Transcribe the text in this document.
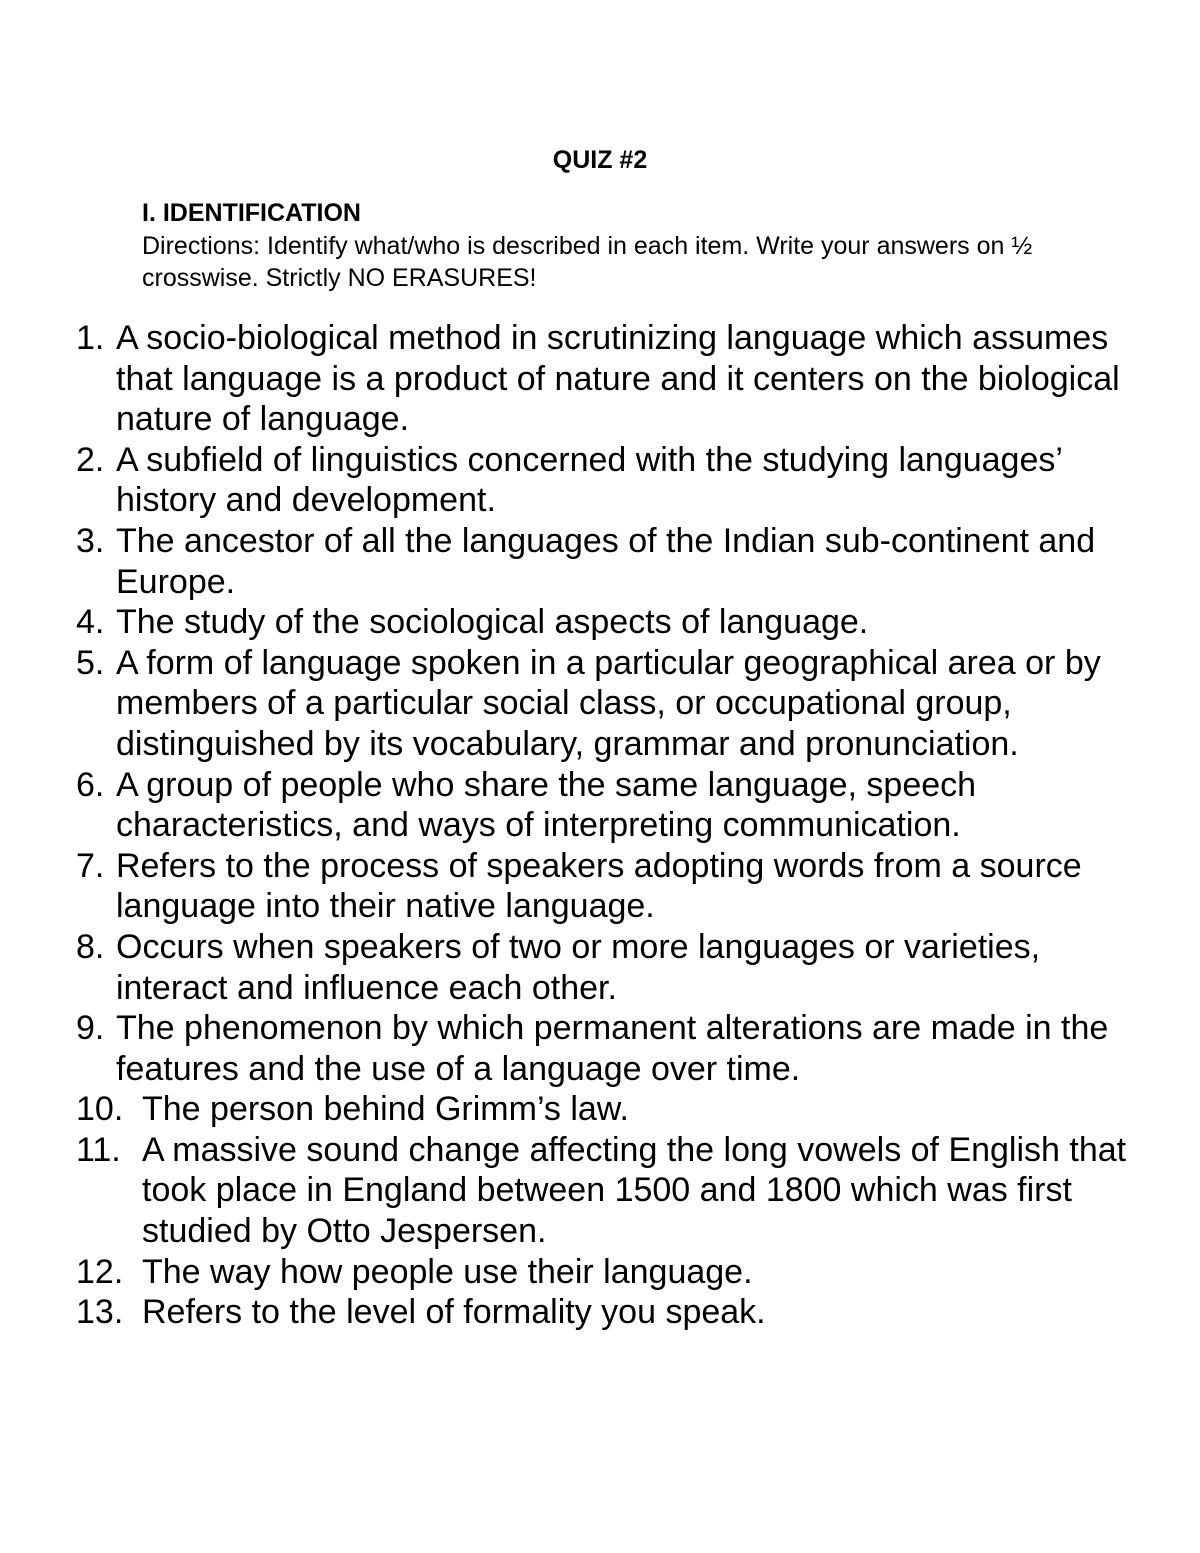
QUIZ #2
I. IDENTIFICATION

Directions: Identify what/who is described in each item. Write your answers on ½ crosswise. Strictly NO ERASURES!

1. A socio-biological method in scrutinizing language which assumes that language is a product of nature and it centers on the biological nature of language.
2. A subfield of linguistics concerned with the studying languages’ history and development.
3. The ancestor of all the languages of the Indian sub-continent and Europe.
4. The study of the sociological aspects of language.
5. A form of language spoken in a particular geographical area or by members of a particular social class, or occupational group, distinguished by its vocabulary, grammar and pronunciation.
6. A group of people who share the same language, speech characteristics, and ways of interpreting communication.
7. Refers to the process of speakers adopting words from a source language into their native language.
8. Occurs when speakers of two or more languages or varieties, interact and influence each other.
9. The phenomenon by which permanent alterations are made in the features and the use of a language over time.
10. The person behind Grimm’s law.
11. A massive sound change affecting the long vowels of English that took place in England between 1500 and 1800 which was first studied by Otto Jespersen.
12. The way how people use their language.
13. Refers to the level of formality you speak.
